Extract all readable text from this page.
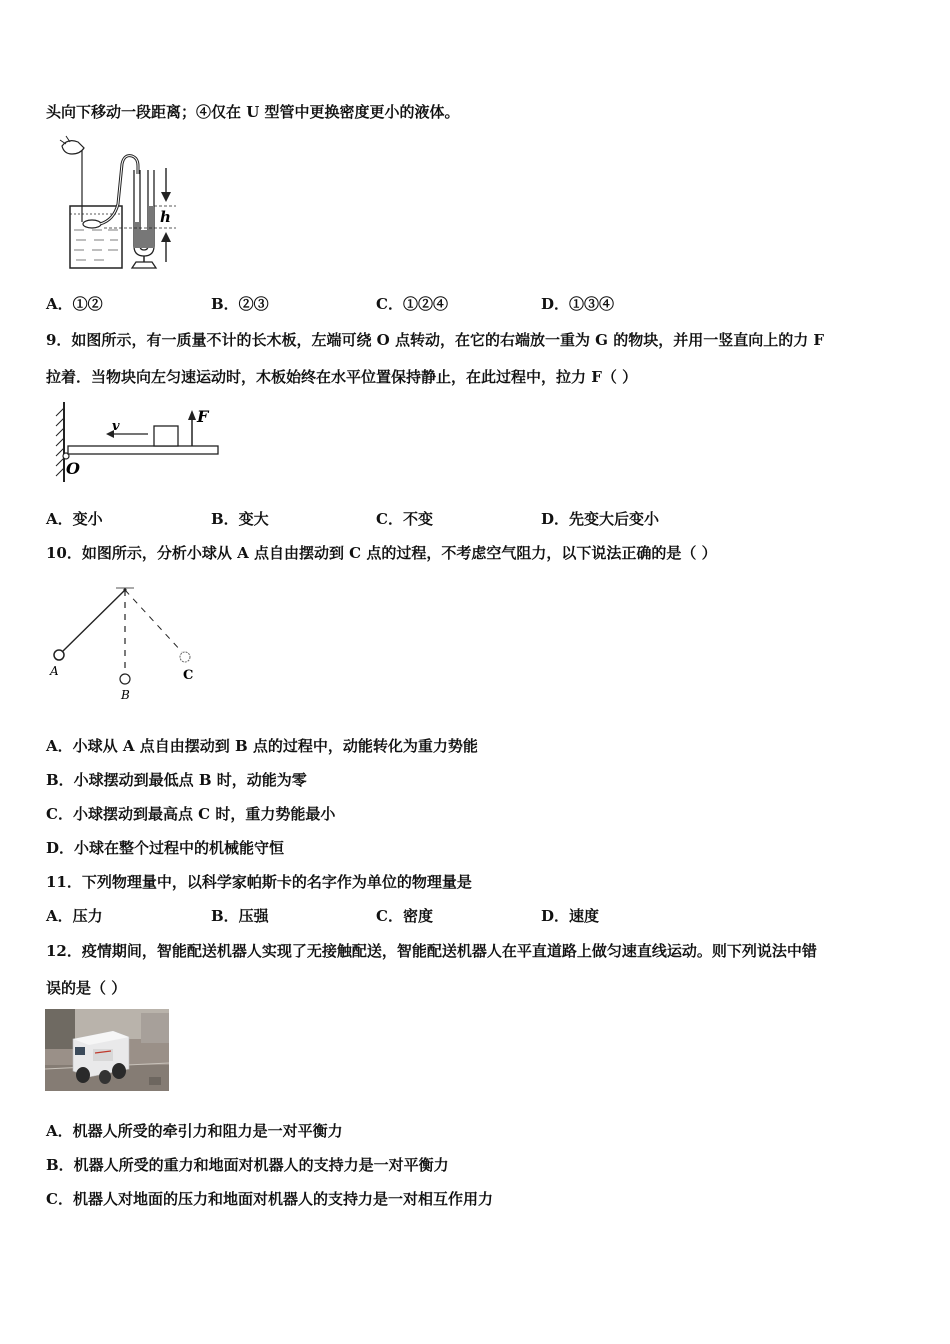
头向下移动一段距离；④仅在 U 型管中更换密度更小的液体。
h
A．①②	B．②③	C．①②④	D．①③④
9．如图所示，有一质量不计的长木板，左端可绕 O 点转动，在它的右端放一重为 G 的物块，并用一竖直向上的力 F
拉着．当物块向左匀速运动时，木板始终在水平位置保持静止，在此过程中，拉力 F（ ）
v
F
O
A．变小	B．变大	C．不变	D．先变大后变小
10．如图所示，分析小球从 A 点自由摆动到 C 点的过程，不考虑空气阻力，以下说法正确的是（ ）
A
B
C
A．小球从 A 点自由摆动到 B 点的过程中，动能转化为重力势能
B．小球摆动到最低点 B 时，动能为零
C．小球摆动到最高点 C 时，重力势能最小
D．小球在整个过程中的机械能守恒
11．下列物理量中，以科学家帕斯卡的名字作为单位的物理量是
A．压力	B．压强	C．密度	D．速度
12．疫情期间，智能配送机器人实现了无接触配送，智能配送机器人在平直道路上做匀速直线运动。则下列说法中错
误的是（ ）
A．机器人所受的牵引力和阻力是一对平衡力
B．机器人所受的重力和地面对机器人的支持力是一对平衡力
C．机器人对地面的压力和地面对机器人的支持力是一对相互作用力
